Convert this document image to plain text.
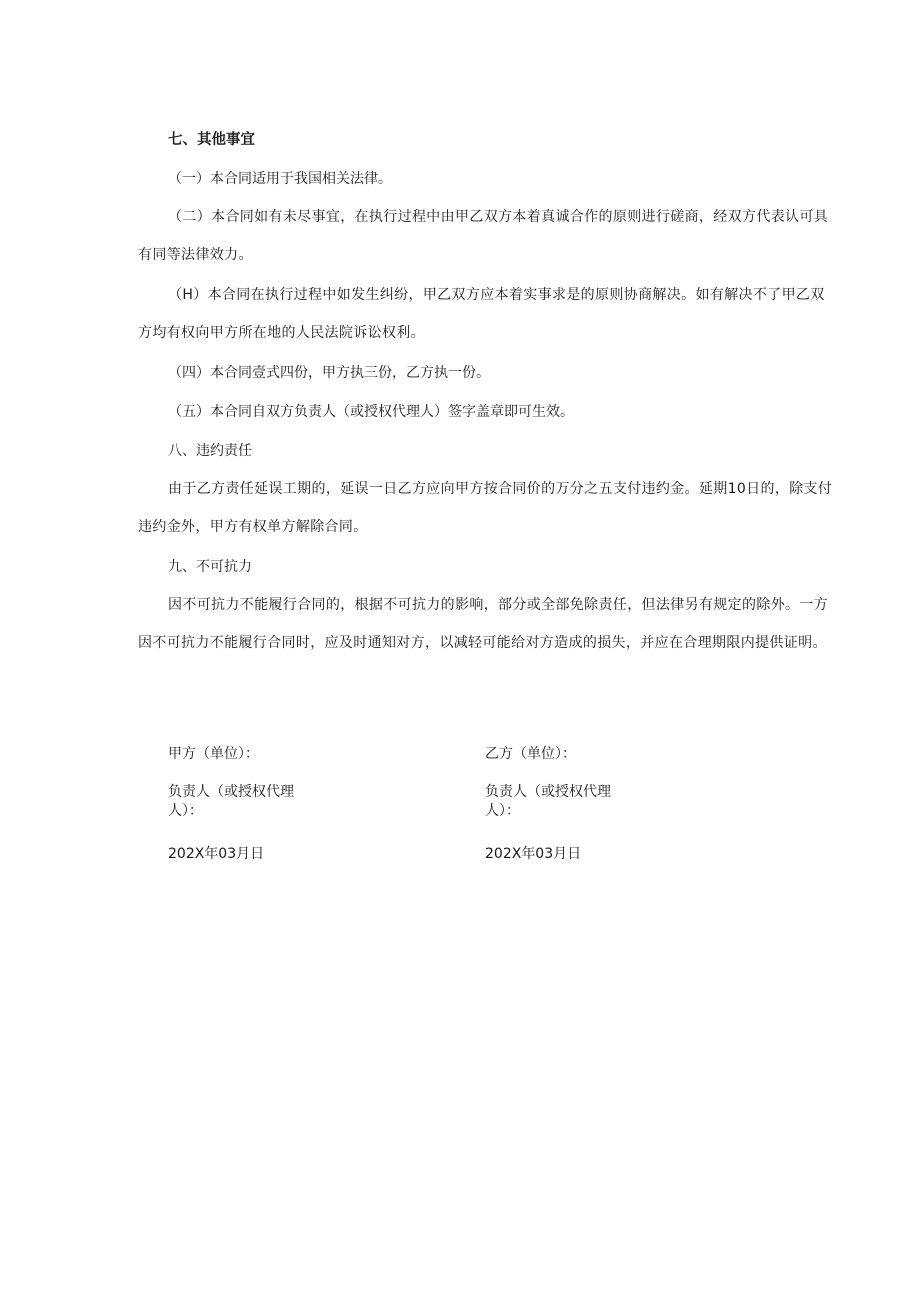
七、其他事宜
（一）本合同适用于我国相关法律。

（二）本合同如有未尽事宜，在执行过程中由甲乙双方本着真诚合作的原则进行磋商，经双方代表认可具有同等法律效力。

（H）本合同在执行过程中如发生纠纷，甲乙双方应本着实事求是的原则协商解决。如有解决不了甲乙双方均有权向甲方所在地的人民法院诉讼权利。

（四）本合同壹式四份，甲方执三份，乙方执一份。
（五）本合同自双方负责人（或授权代理人）签字盖章即可生效。
八、违约责任

由于乙方责任延误工期的，延误一日乙方应向甲方按合同价的万分之五支付违约金。延期10日的，除支付违约金外，甲方有权单方解除合同。

九、不可抗力

因不可抗力不能履行合同的，根据不可抗力的影响，部分或全部免除责任，但法律另有规定的除外。一方因不可抗力不能履行合同时，应及时通知对方，以减轻可能给对方造成的损失，并应在合理期限内提供证明。

甲方（单位）：
负责人（或授权代理人）：
202X年03月日
乙方（单位）：
负责人（或授权代理人）：
202X年03月日
